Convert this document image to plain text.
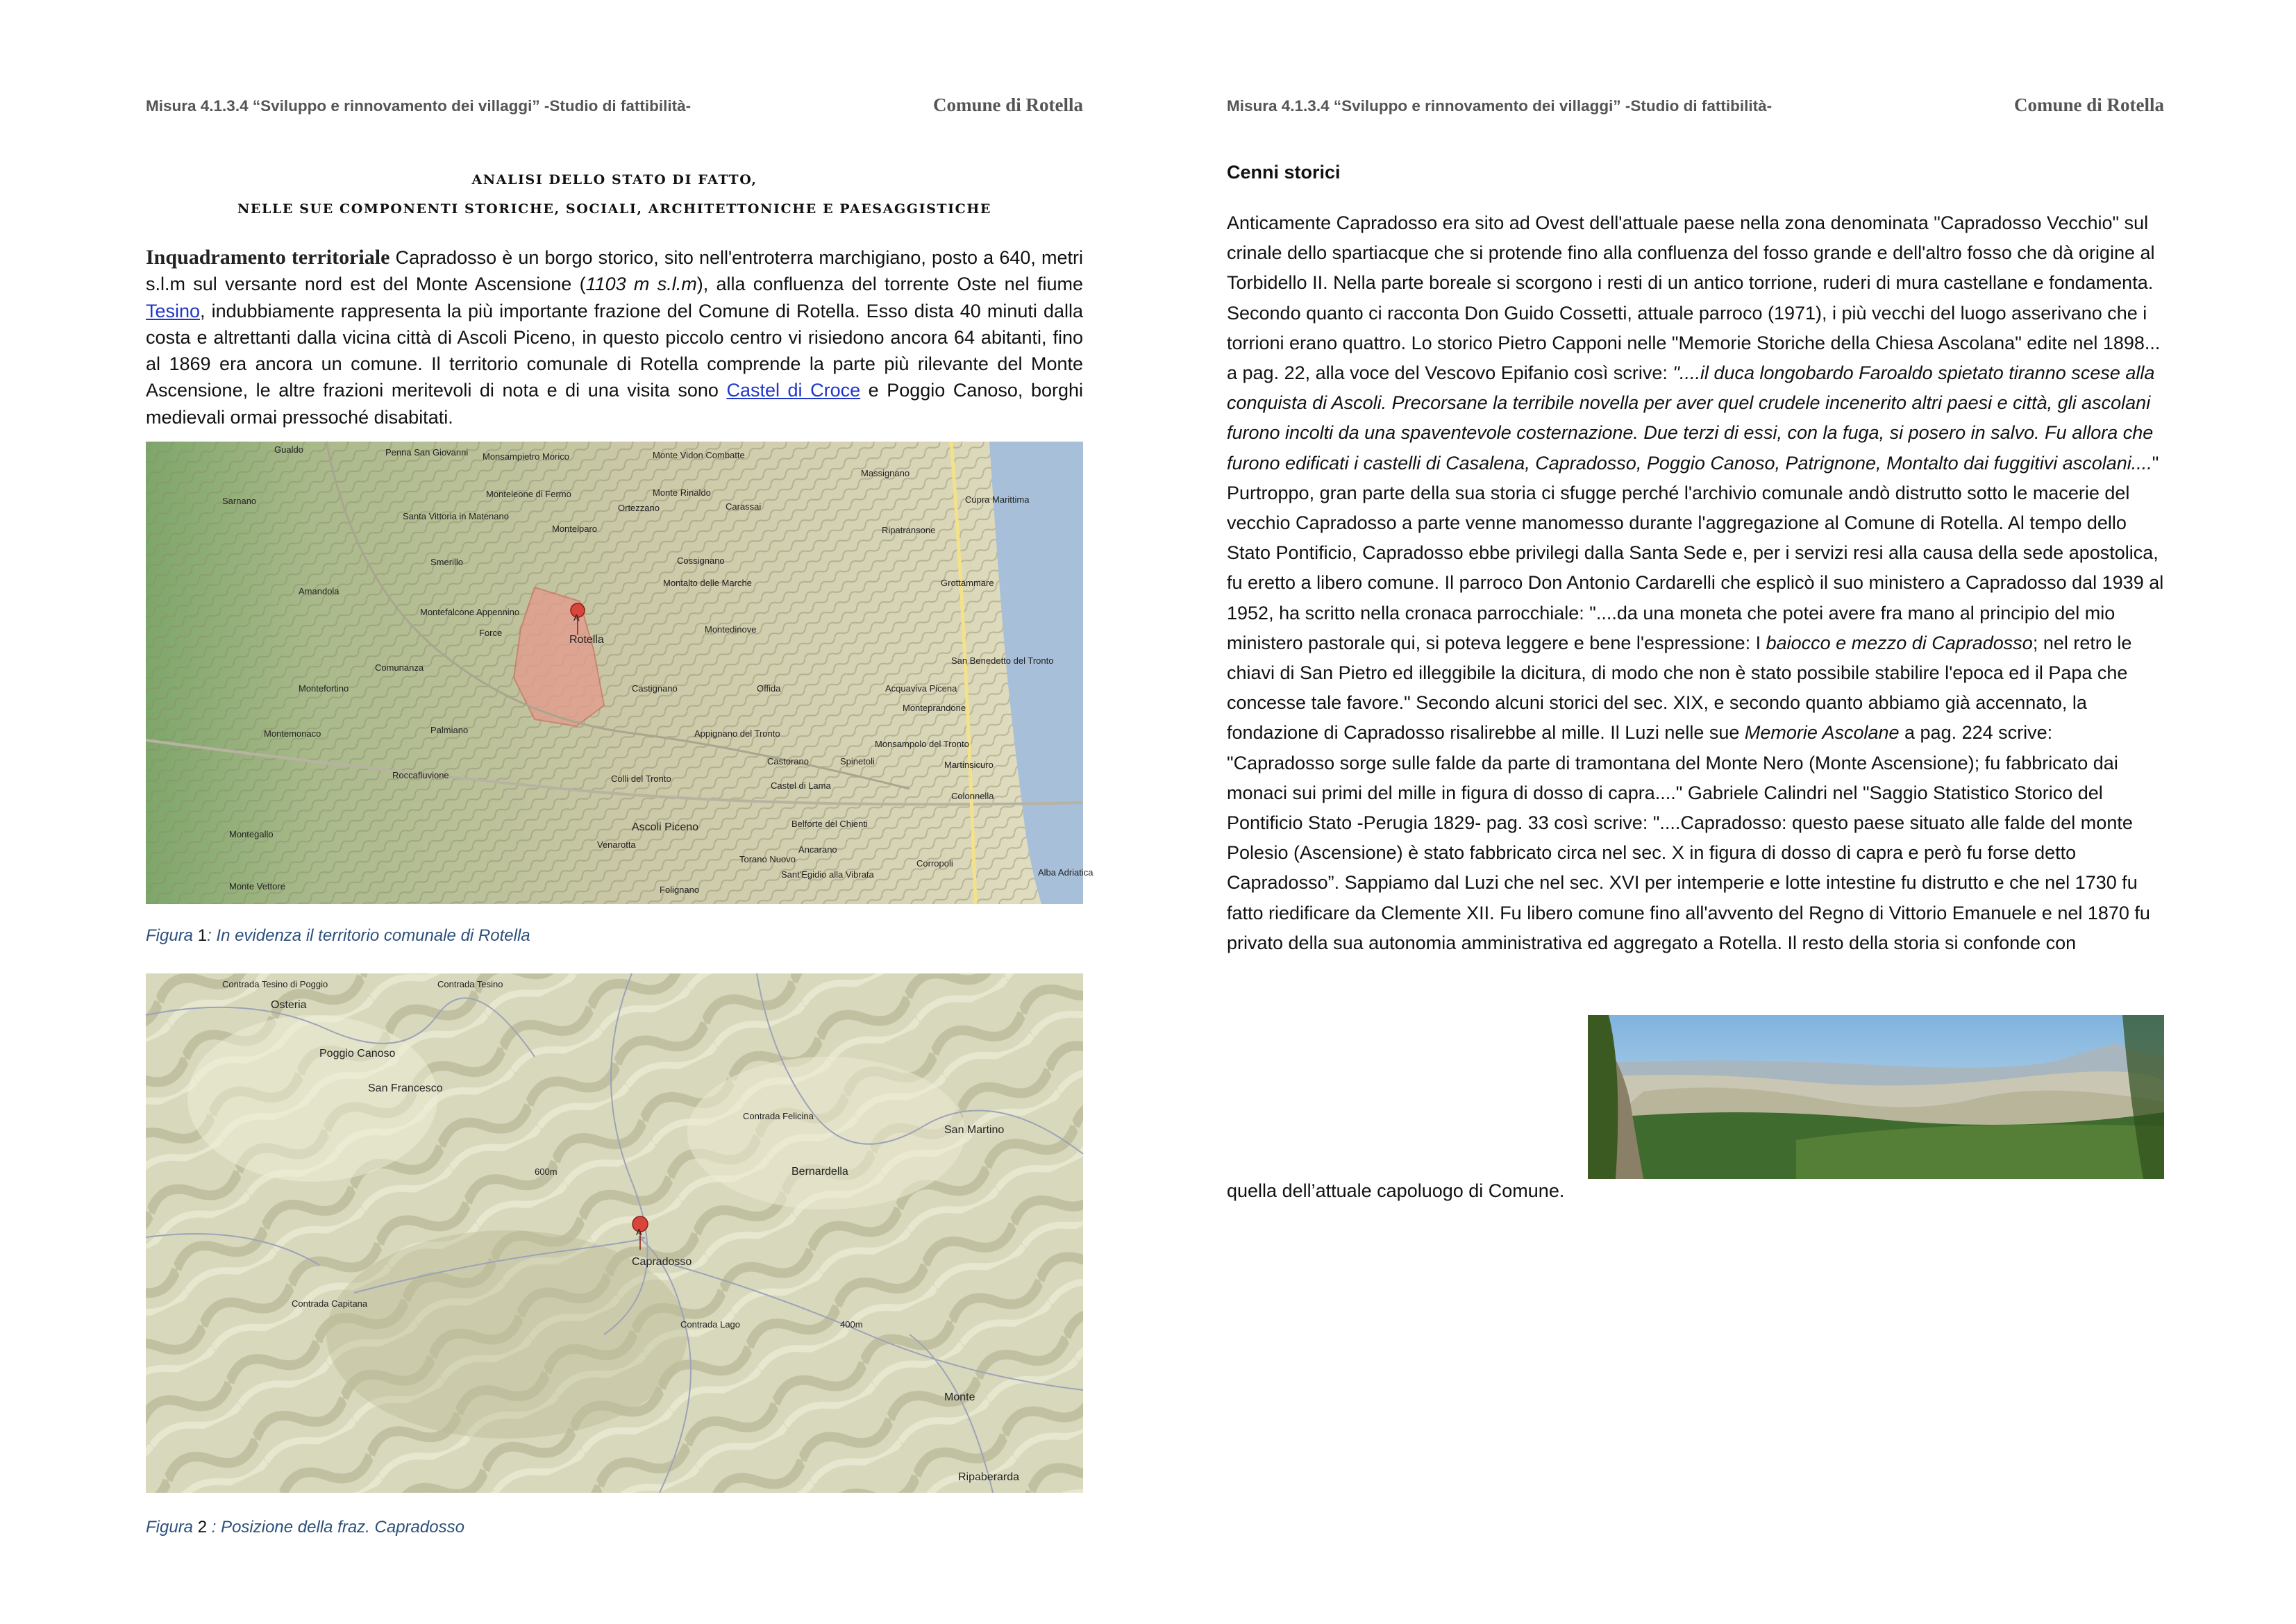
Misura 4.1.3.4 “Sviluppo e rinnovamento dei villaggi” -Studio di fattibilità-	Comune di Rotella
ANALISI DELLO STATO DI FATTO,
NELLE SUE COMPONENTI STORICHE, SOCIALI, ARCHITETTONICHE E PAESAGGISTICHE

Inquadramento territoriale Capradosso è un borgo storico, sito nell'entroterra marchigiano, posto a 640, metri s.l.m sul versante nord est del Monte Ascensione (1103 m s.l.m), alla confluenza del torrente Oste nel fiume Tesino, indubbiamente rappresenta la più importante frazione del Comune di Rotella. Esso dista 40 minuti dalla costa e altrettanti dalla vicina città di Ascoli Piceno, in questo piccolo centro vi risiedono ancora 64 abitanti, fino al 1869 era ancora un comune. Il territorio comunale di Rotella comprende la parte più rilevante del Monte Ascensione, le altre frazioni meritevoli di nota e di una visita sono Castel di Croce e Poggio Canoso, borghi medievali ormai pressoché disabitati.

A
Gualdo	Penna San Giovanni Monsampietro Morico	Monte Vidon Combatte
Massignano
Sarnano
Monteleone di Fermo	Monte Rinaldo
Ortezzano	Carassai
Cupra Marittima
Santa Vittoria in Matenano
Montelparo	Ripatransone
Smerillo
Montalto delle Marche
Cossignano
Grottammare
Amandola
Montefalcone Appennino
Montedinove
Force
Rotella
San Benedetto del Tronto
Comunanza
Montefortino	Castignano	Offida	Acquaviva Picena
Monteprandone
Palmiano	Appignano del Tronto
Monsampolo del Tronto
Montemonaco
Castorano	Spinetoli	Martinsicuro
Roccafluvione	Colli del Tronto
Castel di Lama
Colonnella
Ascoli Piceno	Belforte del Chienti
Montegallo
Venarotta	Ancarano
Torano Nuovo	Corropoli
Monte Vettore	Folignano
Sant'Egidio alla Vibrata	Alba Adriatica
Figura 1: In evidenza il territorio comunale di Rotella
A
Osteria
Contrada Tesino di Poggio	Contrada Tesino
Poggio Canoso
San Francesco
San Martino
Bernardella
Capradosso
Contrada Capitana
Contrada Lago
Monte
Ripaberarda
600m
400m
Contrada Felicina
Figura 2 : Posizione della fraz. Capradosso
Misura 4.1.3.4 “Sviluppo e rinnovamento dei villaggi” -Studio di fattibilità-	Comune di Rotella
Cenni storici

Anticamente Capradosso era sito ad Ovest dell'attuale paese nella zona denominata "Capradosso Vecchio" sul crinale dello spartiacque che si protende fino alla confluenza del fosso grande e dell'altro fosso che dà origine al Torbidello II. Nella parte boreale si scorgono i resti di un antico torrione, ruderi di mura castellane e fondamenta. Secondo quanto ci racconta Don Guido Cossetti, attuale parroco (1971), i più vecchi del luogo asserivano che i torrioni erano quattro. Lo storico Pietro Capponi nelle "Memorie Storiche della Chiesa Ascolana" edite nel 1898... a pag. 22, alla voce del Vescovo Epifanio così scrive: "....il duca longobardo Faroaldo spietato tiranno scese alla conquista di Ascoli. Precorsane la terribile novella per aver quel crudele incenerito altri paesi e città, gli ascolani furono incolti da una spaventevole costernazione. Due terzi di essi, con la fuga, si posero in salvo. Fu allora che furono edificati i castelli di Casalena, Capradosso, Poggio Canoso, Patrignone, Montalto dai fuggitivi ascolani...." Purtroppo, gran parte della sua storia ci sfugge perché l'archivio comunale andò distrutto sotto le macerie del vecchio Capradosso a parte venne manomesso durante l'aggregazione al Comune di Rotella. Al tempo dello Stato Pontificio, Capradosso ebbe privilegi dalla Santa Sede e, per i servizi resi alla causa della sede apostolica, fu eretto a libero comune. Il parroco Don Antonio Cardarelli che esplicò il suo ministero a Capradosso dal 1939 al 1952, ha scritto nella cronaca parrocchiale: "....da una moneta che potei avere fra mano al principio del mio ministero pastorale qui, si poteva leggere e bene l'espressione: I baiocco e mezzo di Capradosso; nel retro le chiavi di San Pietro ed illeggibile la dicitura, di modo che non è stato possibile stabilire l'epoca ed il Papa che concesse tale favore." Secondo alcuni storici del sec. XIX, e secondo quanto abbiamo già accennato, la fondazione di Capradosso risalirebbe al mille. Il Luzi nelle sue Memorie Ascolane a pag. 224 scrive: "Capradosso sorge sulle falde da parte di tramontana del Monte Nero (Monte Ascensione); fu fabbricato dai monaci sui primi del mille in figura di dosso di capra...." Gabriele Calindri nel "Saggio Statistico Storico del Pontificio Stato -Perugia 1829- pag. 33 così scrive: "....Capradosso: questo paese situato alle falde del monte Polesio (Ascensione) è stato fabbricato circa nel sec. X in figura di dosso di capra e però fu forse detto Capradosso”. Sappiamo dal Luzi che nel sec. XVI per intemperie e lotte intestine fu distrutto e che nel 1730 fu fatto riedificare da Clemente XII. Fu libero comune fino all'avvento del Regno di Vittorio Emanuele e nel 1870 fu privato della sua autonomia amministrativa ed aggregato a Rotella. Il resto della storia si confonde con

quella dell’attuale capoluogo di Comune.
